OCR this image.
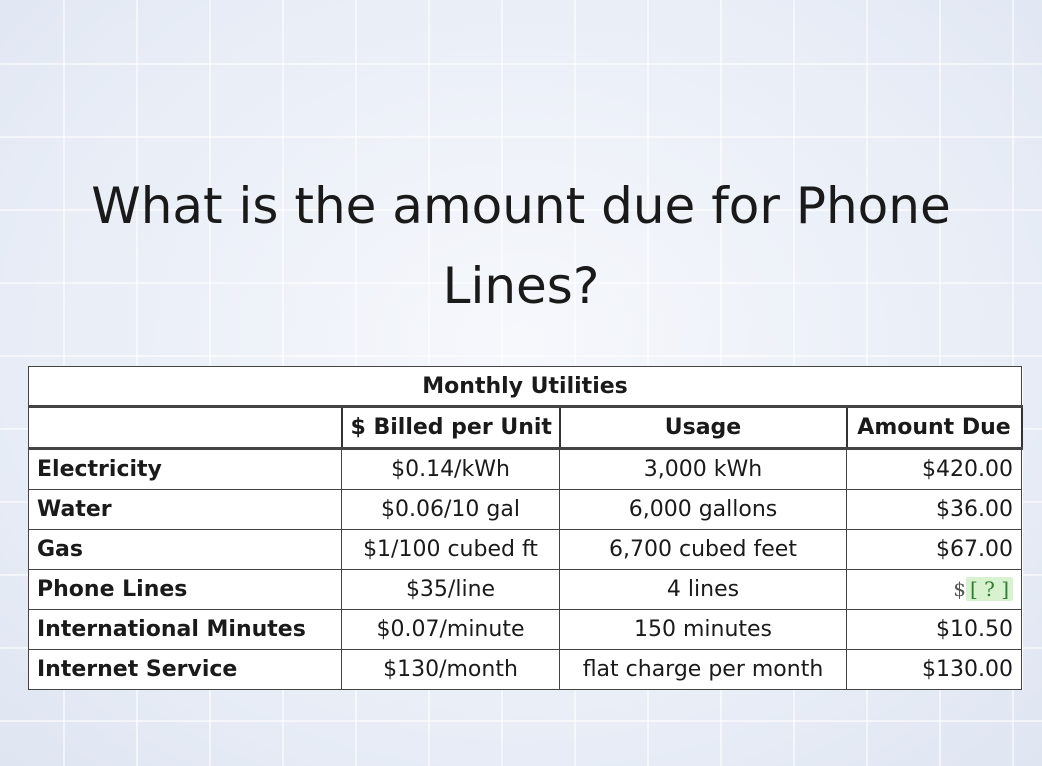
What is the amount due for Phone Lines?
Monthly Utilities			
	$ Billed per Unit	Usage	Amount Due
Electricity	$0.14/kWh	3,000 kWh	$420.00
Water	$0.06/10 gal	6,000 gallons	$36.00
Gas	$1/100 cubed ft	6,700 cubed feet	$67.00
Phone Lines	$35/line	4 lines	$ [ ? ]
International Minutes	$0.07/minute	150 minutes	$10.50
Internet Service	$130/month	flat charge per month	$130.00
